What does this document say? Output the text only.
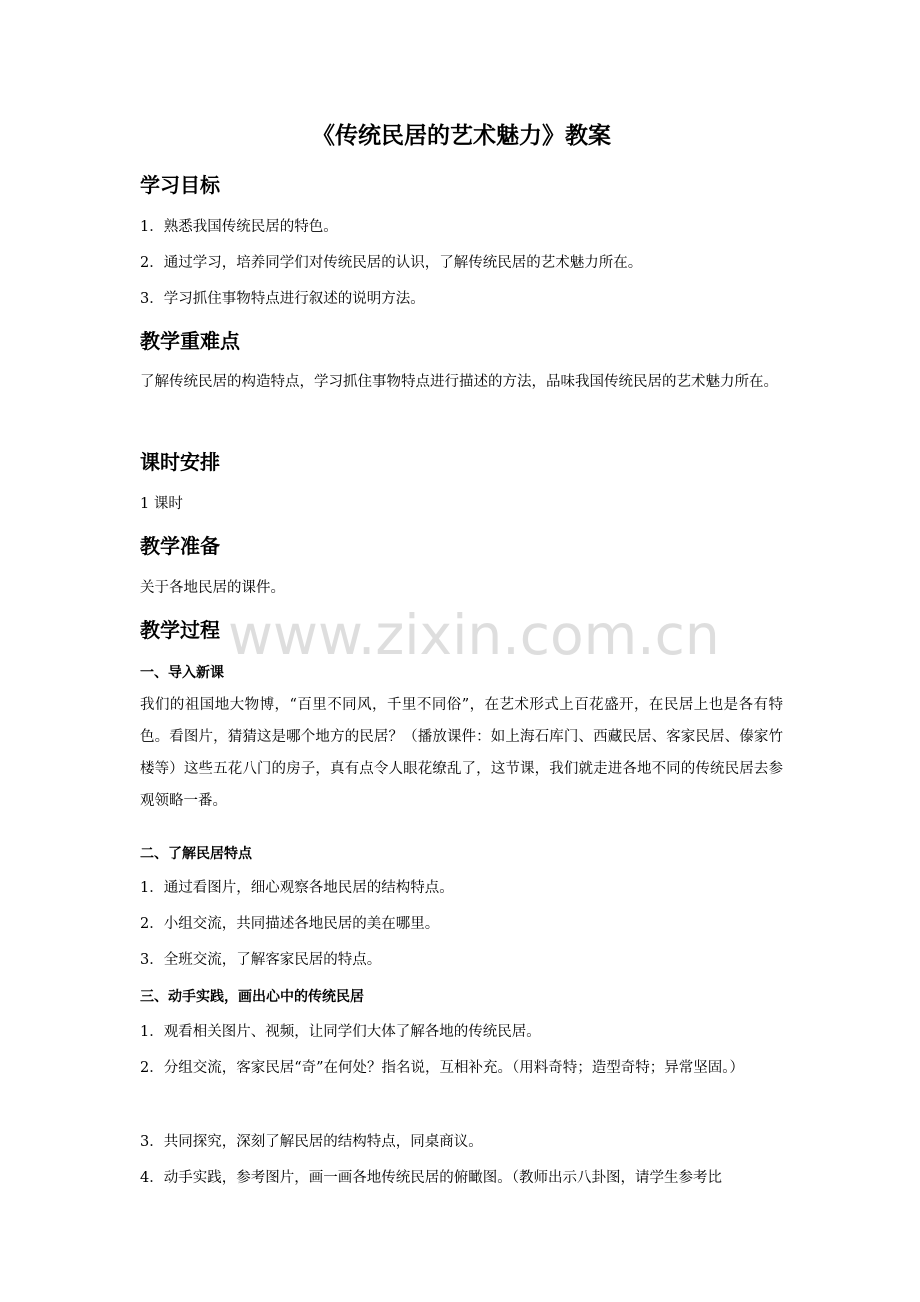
《传统民居的艺术魅力》教案
学习目标

1．熟悉我国传统民居的特色。

2．通过学习，培养同学们对传统民居的认识，了解传统民居的艺术魅力所在。

3．学习抓住事物特点进行叙述的说明方法。

教学重难点

了解传统民居的构造特点，学习抓住事物特点进行描述的方法，品味我国传统民居的艺术魅力所在。

课时安排

1 课时

教学准备

关于各地民居的课件。

教学过程
一、导入新课

我们的祖国地大物博，“百里不同风，千里不同俗”，在艺术形式上百花盛开，在民居上也是各有特色。看图片，猜猜这是哪个地方的民居？（播放课件：如上海石库门、西藏民居、客家民居、傣家竹楼等）这些五花八门的房子，真有点令人眼花缭乱了，这节课，我们就走进各地不同的传统民居去参观领略一番。

二、了解民居特点

1．通过看图片，细心观察各地民居的结构特点。

2．小组交流，共同描述各地民居的美在哪里。

3．全班交流，了解客家民居的特点。

三、动手实践，画出心中的传统民居

1．观看相关图片、视频，让同学们大体了解各地的传统民居。

2．分组交流，客家民居“奇”在何处？指名说，互相补充。（用料奇特；造型奇特；异常坚固。）

3．共同探究，深刻了解民居的结构特点，同桌商议。

4．动手实践，参考图片，画一画各地传统民居的俯瞰图。（教师出示八卦图，请学生参考比

www.zixin.com.cn
